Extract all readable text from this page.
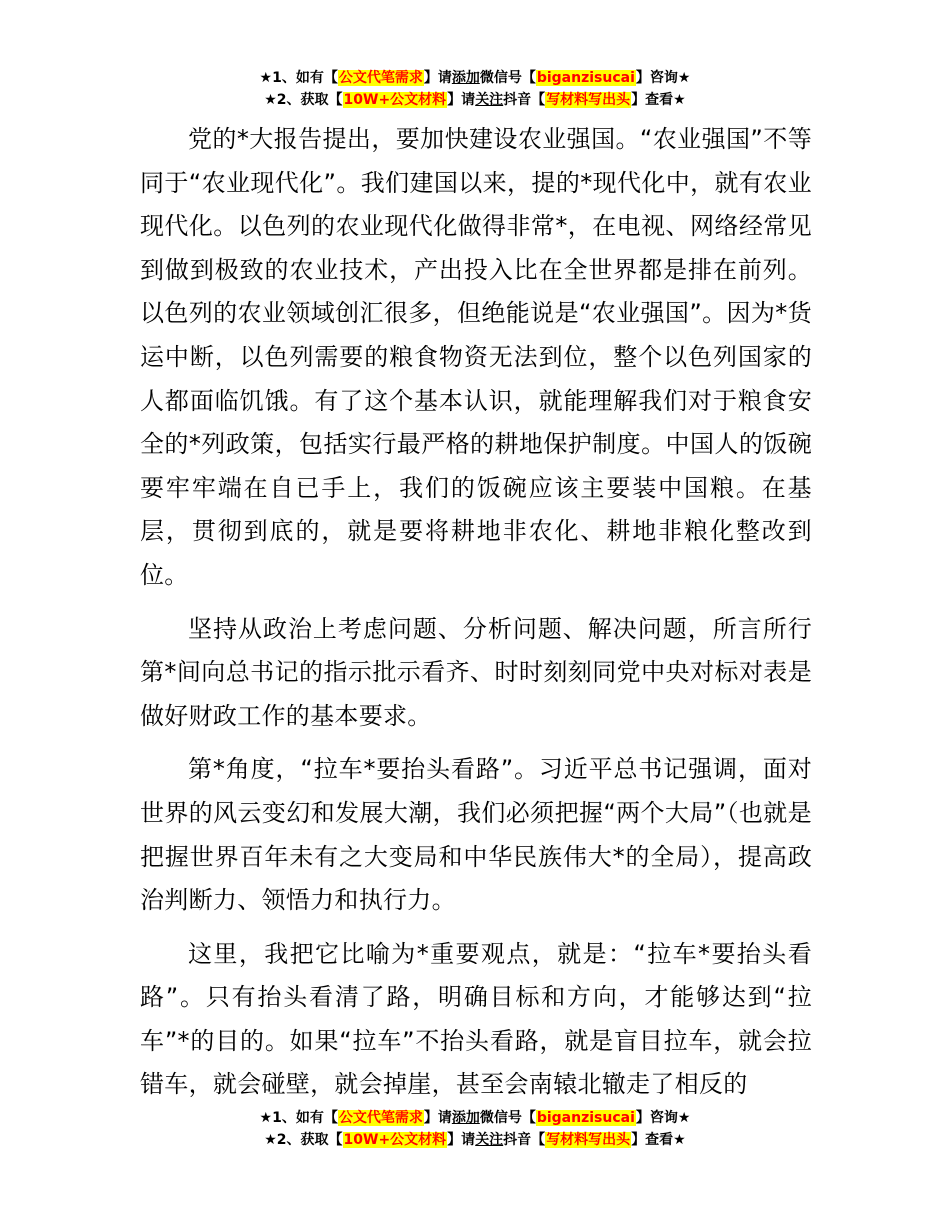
★1、如有【公文代笔需求】请添加微信号【biganzisucai】咨询★
★2、获取【10W+公文材料】请关注抖音【写材料写出头】查看★

党的*大报告提出，要加快建设农业强国。“农业强国”不等同于“农业现代化”。我们建国以来，提的*现代化中，就有农业现代化。以色列的农业现代化做得非常*，在电视、网络经常见到做到极致的农业技术，产出投入比在全世界都是排在前列。以色列的农业领域创汇很多，但绝能说是“农业强国”。因为*货运中断，以色列需要的粮食物资无法到位，整个以色列国家的人都面临饥饿。有了这个基本认识，就能理解我们对于粮食安全的*列政策，包括实行最严格的耕地保护制度。中国人的饭碗要牢牢端在自已手上，我们的饭碗应该主要装中国粮。在基层，贯彻到底的，就是要将耕地非农化、耕地非粮化整改到位。

坚持从政治上考虑问题、分析问题、解决问题，所言所行第*间向总书记的指示批示看齐、时时刻刻同党中央对标对表是做好财政工作的基本要求。

第*角度，“拉车*要抬头看路”。习近平总书记强调，面对世界的风云变幻和发展大潮，我们必须把握“两个大局”（也就是把握世界百年未有之大变局和中华民族伟大*的全局），提高政治判断力、领悟力和执行力。

这里，我把它比喻为*重要观点，就是：“拉车*要抬头看路”。只有抬头看清了路，明确目标和方向，才能够达到“拉车”*的目的。如果“拉车”不抬头看路，就是盲目拉车，就会拉错车，就会碰壁，就会掉崖，甚至会南辕北辙走了相反的

★1、如有【公文代笔需求】请添加微信号【biganzisucai】咨询★
★2、获取【10W+公文材料】请关注抖音【写材料写出头】查看★
